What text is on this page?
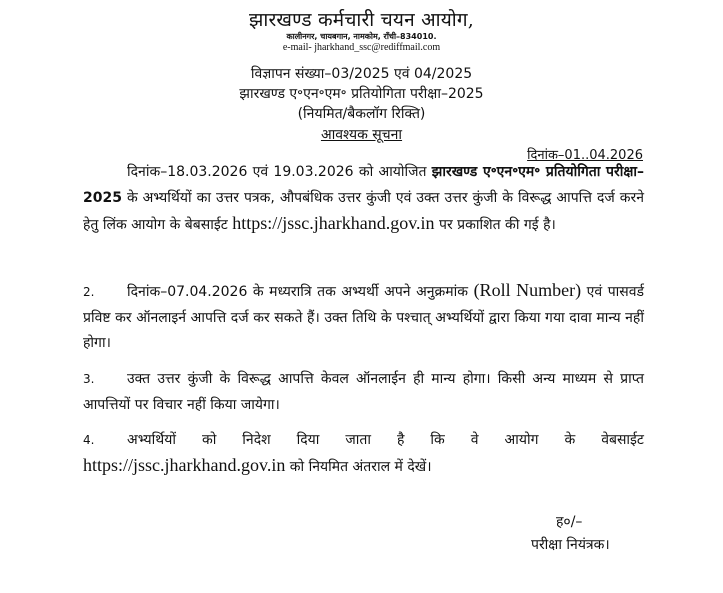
झारखण्ड कर्मचारी चयन आयोग,
कालीनगर, चायबगान, नामकोम, राँची–834010.
e-mail- jharkhand_ssc@rediffmail.com
विज्ञापन संख्या–03/2025 एवं 04/2025
झारखण्ड ए॰एन॰एम॰ प्रतियोगिता परीक्षा–2025
(नियमित/बैकलॉग रिक्ति)
आवश्यक सूचना
दिनांक–01..04.2026
दिनांक–18.03.2026 एवं 19.03.2026 को आयोजित झारखण्ड ए॰एन॰एम॰ प्रतियोगिता परीक्षा–2025 के अभ्यर्थियों का उत्तर पत्रक, औपबंधिक उत्तर कुंजी एवं उक्त उत्तर कुंजी के विरूद्ध आपत्ति दर्ज करने हेतु लिंक आयोग के बेबसाईट https://jssc.jharkhand.gov.in पर प्रकाशित की गई है।
2. दिनांक–07.04.2026 के मध्यरात्रि तक अभ्यर्थी अपने अनुक्रमांक (Roll Number) एवं पासवर्ड प्रविष्ट कर ऑनलाइर्न आपत्ति दर्ज कर सकते हैं। उक्त तिथि के पश्चात् अभ्यर्थियों द्वारा किया गया दावा मान्य नहीं होगा।
3. उक्त उत्तर कुंजी के विरूद्ध आपत्ति केवल ऑनलाईन ही मान्य होगा। किसी अन्य माध्यम से प्राप्त आपत्तियों पर विचार नहीं किया जायेगा।
4. अभ्यर्थियों को निदेश दिया जाता है कि वे आयोग के वेबसाईट
https://jssc.jharkhand.gov.in को नियमित अंतराल में देखें।
ह०/–
परीक्षा नियंत्रक।
